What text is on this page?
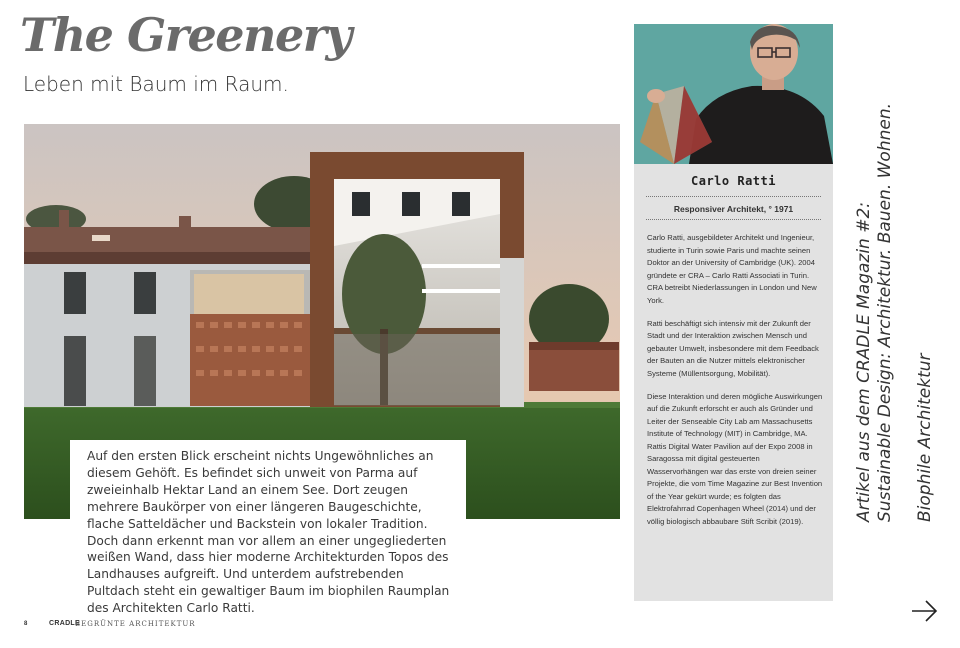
The Greenery
Leben mit Baum im Raum.
Auf den ersten Blick erscheint nichts Ungewöhnliches an diesem Gehöft. Es befindet sich unweit von Parma auf zweieinhalb Hektar Land an einem See. Dort zeugen mehrere Baukörper von einer längeren Baugeschichte, flache Satteldächer und Backstein von lokaler Tradition. Doch dann erkennt man vor allem an einer ungegliederten weißen Wand, dass hier moderne Architekturden Topos des Landhauses aufgreift. Und unterdem aufstrebenden Pultdach steht ein gewaltiger Baum im biophilen Raumplan des Architekten Carlo Ratti.
Carlo Ratti
Responsiver Architekt, ° 1971

Carlo Ratti, ausgebildeter Architekt und Ingenieur, studierte in Turin sowie Paris und machte seinen Doktor an der University of Cambridge (UK). 2004 gründete er CRA – Carlo Ratti Associati in Turin. CRA betreibt Niederlassungen in London und New York.

Ratti beschäftigt sich intensiv mit der Zukunft der Stadt und der Interaktion zwischen Mensch und gebauter Umwelt, insbesondere mit dem Feedback der Bauten an die Nutzer mittels elektronischer Systeme (Müllentsorgung, Mobilität).

Diese Interaktion und deren mögliche Auswirkungen auf die Zukunft erforscht er auch als Gründer und Leiter der Senseable City Lab am Massachusetts Institute of Technology (MIT) in Cambridge, MA. Rattis Digital Water Pavilion auf der Expo 2008 in Saragossa mit digital gesteuerten Wasservorhängen war das erste von dreien seiner Projekte, die vom Time Magazine zur Best Invention of the Year gekürt wurde; es folgten das Elektrofahrrad Copenhagen Wheel (2014) und der völlig biologisch abbaubare Stift Scribit (2019).	Artikel aus dem CRADLE Magazin #2: Sustainable Design: Architektur. Bauen. Wohnen. Biophile Architektur
8	CRADLE
BEGRÜNTE ARCHITEKTUR
